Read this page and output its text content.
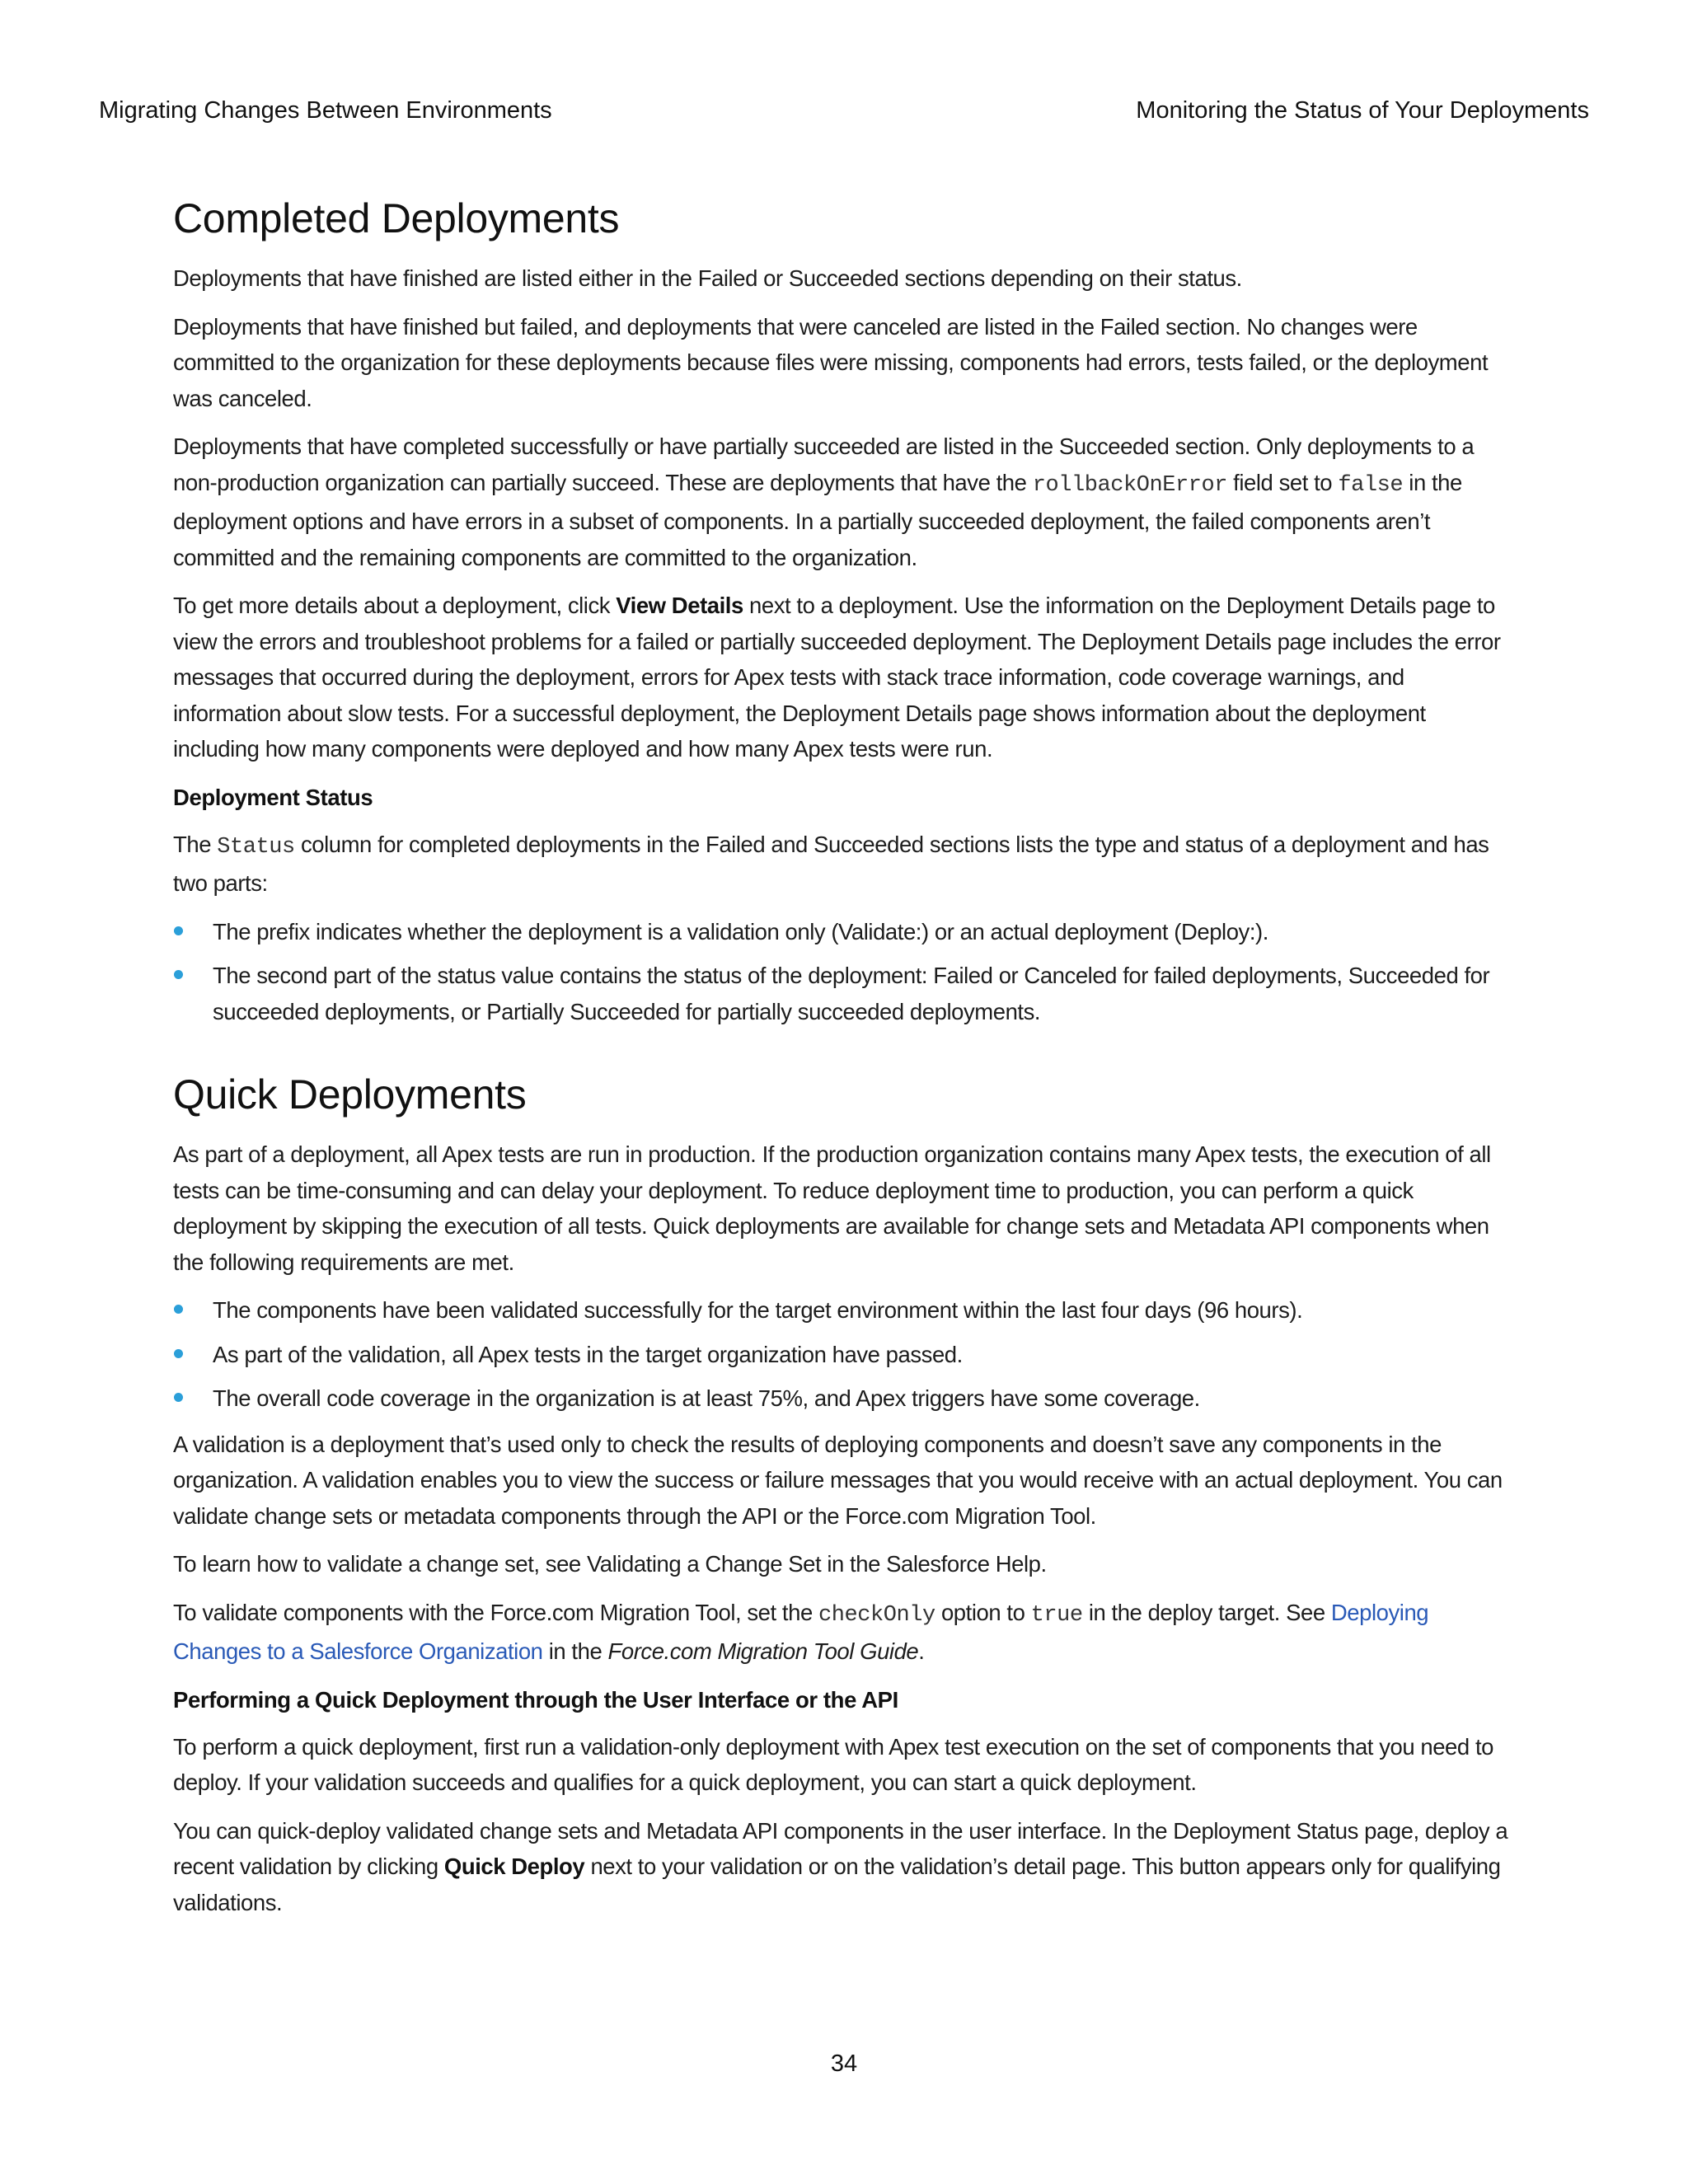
Migrating Changes Between Environments	Monitoring the Status of Your Deployments
Completed Deployments

Deployments that have finished are listed either in the Failed or Succeeded sections depending on their status.

Deployments that have finished but failed, and deployments that were canceled are listed in the Failed section. No changes were committed to the organization for these deployments because files were missing, components had errors, tests failed, or the deployment was canceled.

Deployments that have completed successfully or have partially succeeded are listed in the Succeeded section. Only deployments to a non-production organization can partially succeed. These are deployments that have the rollbackOnError field set to false in the deployment options and have errors in a subset of components. In a partially succeeded deployment, the failed components aren’t committed and the remaining components are committed to the organization.

To get more details about a deployment, click View Details next to a deployment. Use the information on the Deployment Details page to view the errors and troubleshoot problems for a failed or partially succeeded deployment. The Deployment Details page includes the error messages that occurred during the deployment, errors for Apex tests with stack trace information, code coverage warnings, and information about slow tests. For a successful deployment, the Deployment Details page shows information about the deployment including how many components were deployed and how many Apex tests were run.

Deployment Status

The Status column for completed deployments in the Failed and Succeeded sections lists the type and status of a deployment and has two parts:

The prefix indicates whether the deployment is a validation only (Validate:) or an actual deployment (Deploy:).
The second part of the status value contains the status of the deployment: Failed or Canceled for failed deployments, Succeeded for succeeded deployments, or Partially Succeeded for partially succeeded deployments.
Quick Deployments

As part of a deployment, all Apex tests are run in production. If the production organization contains many Apex tests, the execution of all tests can be time-consuming and can delay your deployment. To reduce deployment time to production, you can perform a quick deployment by skipping the execution of all tests. Quick deployments are available for change sets and Metadata API components when the following requirements are met.

The components have been validated successfully for the target environment within the last four days (96 hours).
As part of the validation, all Apex tests in the target organization have passed.
The overall code coverage in the organization is at least 75%, and Apex triggers have some coverage.

A validation is a deployment that’s used only to check the results of deploying components and doesn’t save any components in the organization. A validation enables you to view the success or failure messages that you would receive with an actual deployment. You can validate change sets or metadata components through the API or the Force.com Migration Tool.

To learn how to validate a change set, see Validating a Change Set in the Salesforce Help.

To validate components with the Force.com Migration Tool, set the checkOnly option to true in the deploy target. See Deploying Changes to a Salesforce Organization in the Force.com Migration Tool Guide.

Performing a Quick Deployment through the User Interface or the API

To perform a quick deployment, first run a validation-only deployment with Apex test execution on the set of components that you need to deploy. If your validation succeeds and qualifies for a quick deployment, you can start a quick deployment.

You can quick-deploy validated change sets and Metadata API components in the user interface. In the Deployment Status page, deploy a recent validation by clicking Quick Deploy next to your validation or on the validation’s detail page. This button appears only for qualifying validations.

34
